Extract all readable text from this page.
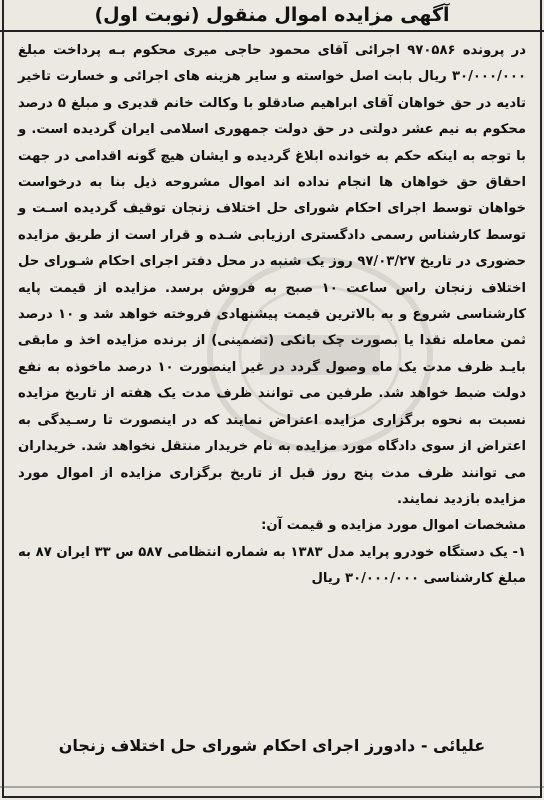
آگهی مزایده اموال منقول (نوبت اول)

در پرونده ۹۷۰۵۸۶ اجرائی آقای محمود حاجی میری محکوم بـه پرداخت مبلغ ۳۰/۰۰۰/۰۰۰ ریال بابت اصل خواسته و سایر هزینه های اجرائی و خسارت تاخیر تادیه در حق خواهان آقای ابراهیم صادقلو با وکالت خانم قدیری و مبلغ ۵ درصد محکوم به نیم عشر دولتی در حق دولت جمهوری اسلامی ایران گردیده است. و با توجه به اینکه حکم به خوانده ابلاغ گردیده و ایشان هیچ گونه اقدامی در جهت احقاق حق خواهان ها انجام نداده اند اموال مشروحه ذیل بنا به درخواست خواهان توسط اجرای احکام شورای حل اختلاف زنجان توقیف گردیده اسـت و توسط کارشناس رسمی دادگستری ارزیابی شـده و قرار است از طریق مزایده حضوری در تاریخ ۹۷/۰۳/۲۷ روز یک شنبه در محل دفتر اجرای احکام شـورای حل اختلاف زنجان راس ساعت ۱۰ صبح به فروش برسد. مزایده از قیمت پایه کارشناسی شروع و به بالاترین قیمت پیشنهادی فروخته خواهد شد و ۱۰ درصد ثمن معامله نقدا یا بصورت چک بانکی (تضمینی) از برنده مزایده اخذ و مابقی بایـد ظرف مدت یک ماه وصول گردد در غیر اینصورت ۱۰ درصد ماخوذه به نفع دولت ضبط خواهد شد. طرفین می توانند ظرف مدت یک هفته از تاریخ مزایده نسبت به نحوه برگزاری مزایده اعتراض نمایند که در اینصورت تا رسـیدگی به اعتراض از سوی دادگاه مورد مزایده به نام خریدار منتقل نخواهد شد. خریداران می توانند ظرف مدت پنج روز قبل از تاریخ برگزاری مزایده از اموال مورد مزایده بازدید نمایند.

مشخصات اموال مورد مزایده و قیمت آن:

۱- یک دستگاه خودرو پراید مدل ۱۳۸۳ به شماره انتظامی ۵۸۷ س ۳۳ ایران ۸۷ به مبلغ کارشناسی ۳۰/۰۰۰/۰۰۰ ریال

علیائی - دادورز اجرای احکام شورای حل اختلاف زنجان
